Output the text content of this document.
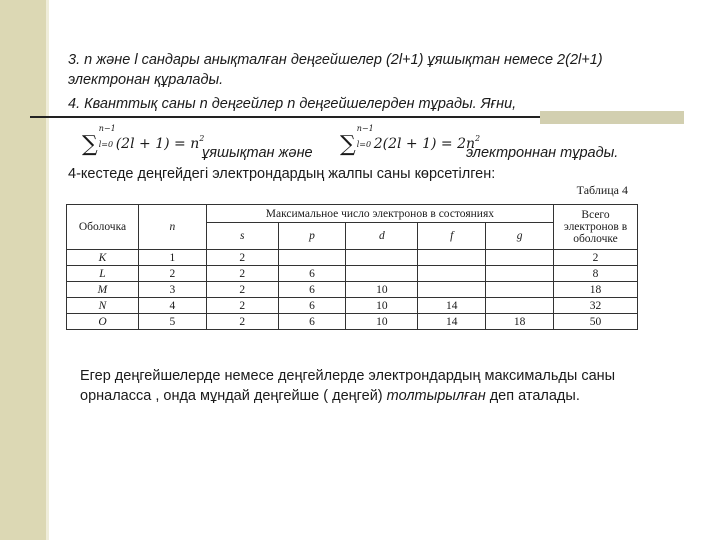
3. n және l сандары анықталған деңгейшелер (2l+1) ұяшықтан немесе 2(2l+1)
электронан құралады.
4. Кванттық саны n деңгейлер n деңгейшелерден тұрады. Яғни,
∑
n−1
l=0 $(2l + 1) = n^2$
ұяшықтан және ∑
n−1
l=0 $2(2l + 1) = 2n^2$
электроннан тұрады.
4-кестеде деңгейдегі электрондардың жалпы саны көрсетілген:
Таблица 4
Оболочка	n	Максимальное число электронов в состояниях					Всего электронов в оболочке
		s	p	d	f	g	
K	1	2					2
L	2	2	6				8
M	3	2	6	10			18
N	4	2	6	10	14		32
O	5	2	6	10	14	18	50
Егер деңгейшелерде немесе деңгейлерде электрондардың максимальды саны орналасса , онда мұндай деңгейше ( деңгей) толтырылған деп аталады.
